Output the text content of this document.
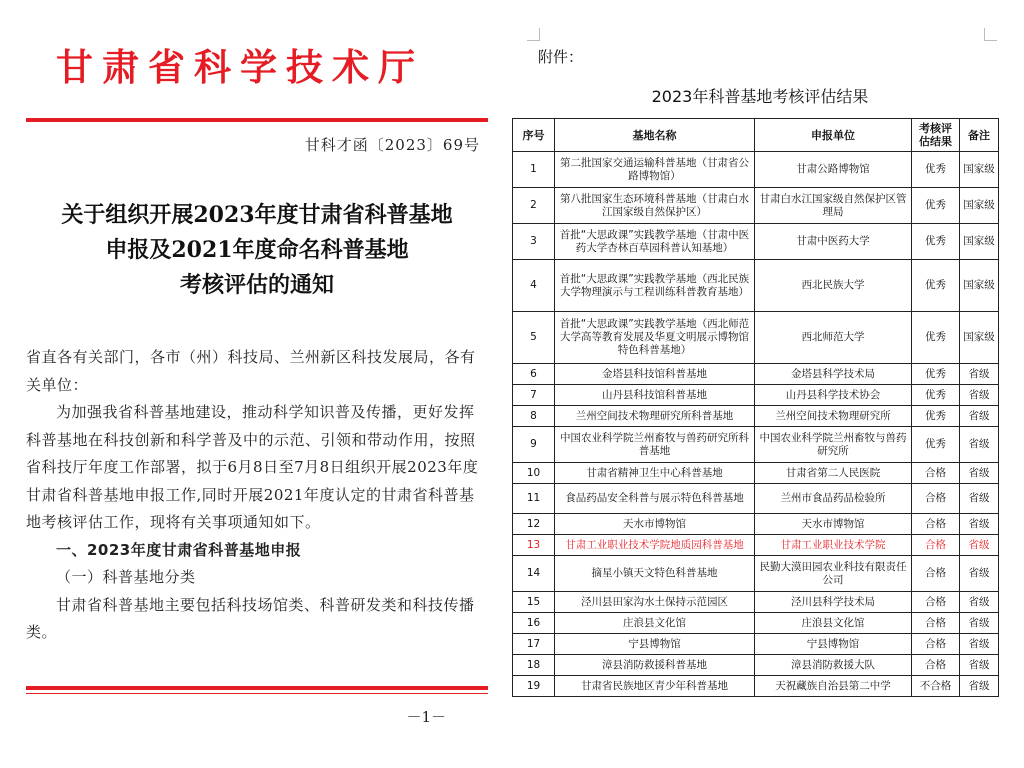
甘肃省科学技术厅
甘科才函〔2023〕69号
关于组织开展2023年度甘肃省科普基地
申报及2021年度命名科普基地
考核评估的通知

省直各有关部门，各市（州）科技局、兰州新区科技发展局，各有关单位：

为加强我省科普基地建设，推动科学知识普及传播，更好发挥科普基地在科技创新和科学普及中的示范、引领和带动作用，按照省科技厅年度工作部署，拟于6月8日至7月8日组织开展2023年度甘肃省科普基地申报工作,同时开展2021年度认定的甘肃省科普基地考核评估工作，现将有关事项通知如下。

一、2023年度甘肃省科普基地申报

（一）科普基地分类

甘肃省科普基地主要包括科技场馆类、科普研发类和科技传播类。

－1－
附件：
2023年科普基地考核评估结果
序号	基地名称	申报单位	考核评估结果	备注
1	第二批国家交通运输科普基地（甘肃省公路博物馆）	甘肃公路博物馆	优秀	国家级
2	第八批国家生态环境科普基地（甘肃白水江国家级自然保护区）	甘肃白水江国家级自然保护区管理局	优秀	国家级
3	首批“大思政课”实践教学基地（甘肃中医药大学杏林百草园科普认知基地）	甘肃中医药大学	优秀	国家级
4	首批“大思政课”实践教学基地（西北民族大学物理演示与工程训练科普教育基地）	西北民族大学	优秀	国家级
5	首批“大思政课”实践教学基地（西北师范大学高等教育发展及华夏文明展示博物馆特色科普基地）	西北师范大学	优秀	国家级
6	金塔县科技馆科普基地	金塔县科学技术局	优秀	省级
7	山丹县科技馆科普基地	山丹县科学技术协会	优秀	省级
8	兰州空间技术物理研究所科普基地	兰州空间技术物理研究所	优秀	省级
9	中国农业科学院兰州畜牧与兽药研究所科普基地	中国农业科学院兰州畜牧与兽药研究所	优秀	省级
10	甘肃省精神卫生中心科普基地	甘肃省第二人民医院	合格	省级
11	食品药品安全科普与展示特色科普基地	兰州市食品药品检验所	合格	省级
12	天水市博物馆	天水市博物馆	合格	省级
13	甘肃工业职业技术学院地质园科普基地	甘肃工业职业技术学院	合格	省级
14	摘星小镇天文特色科普基地	民勤大漠田园农业科技有限责任公司	合格	省级
15	泾川县田家沟水土保持示范园区	泾川县科学技术局	合格	省级
16	庄浪县文化馆	庄浪县文化馆	合格	省级
17	宁县博物馆	宁县博物馆	合格	省级
18	漳县消防救援科普基地	漳县消防救援大队	合格	省级
19	甘肃省民族地区青少年科普基地	天祝藏族自治县第二中学	不合格	省级
